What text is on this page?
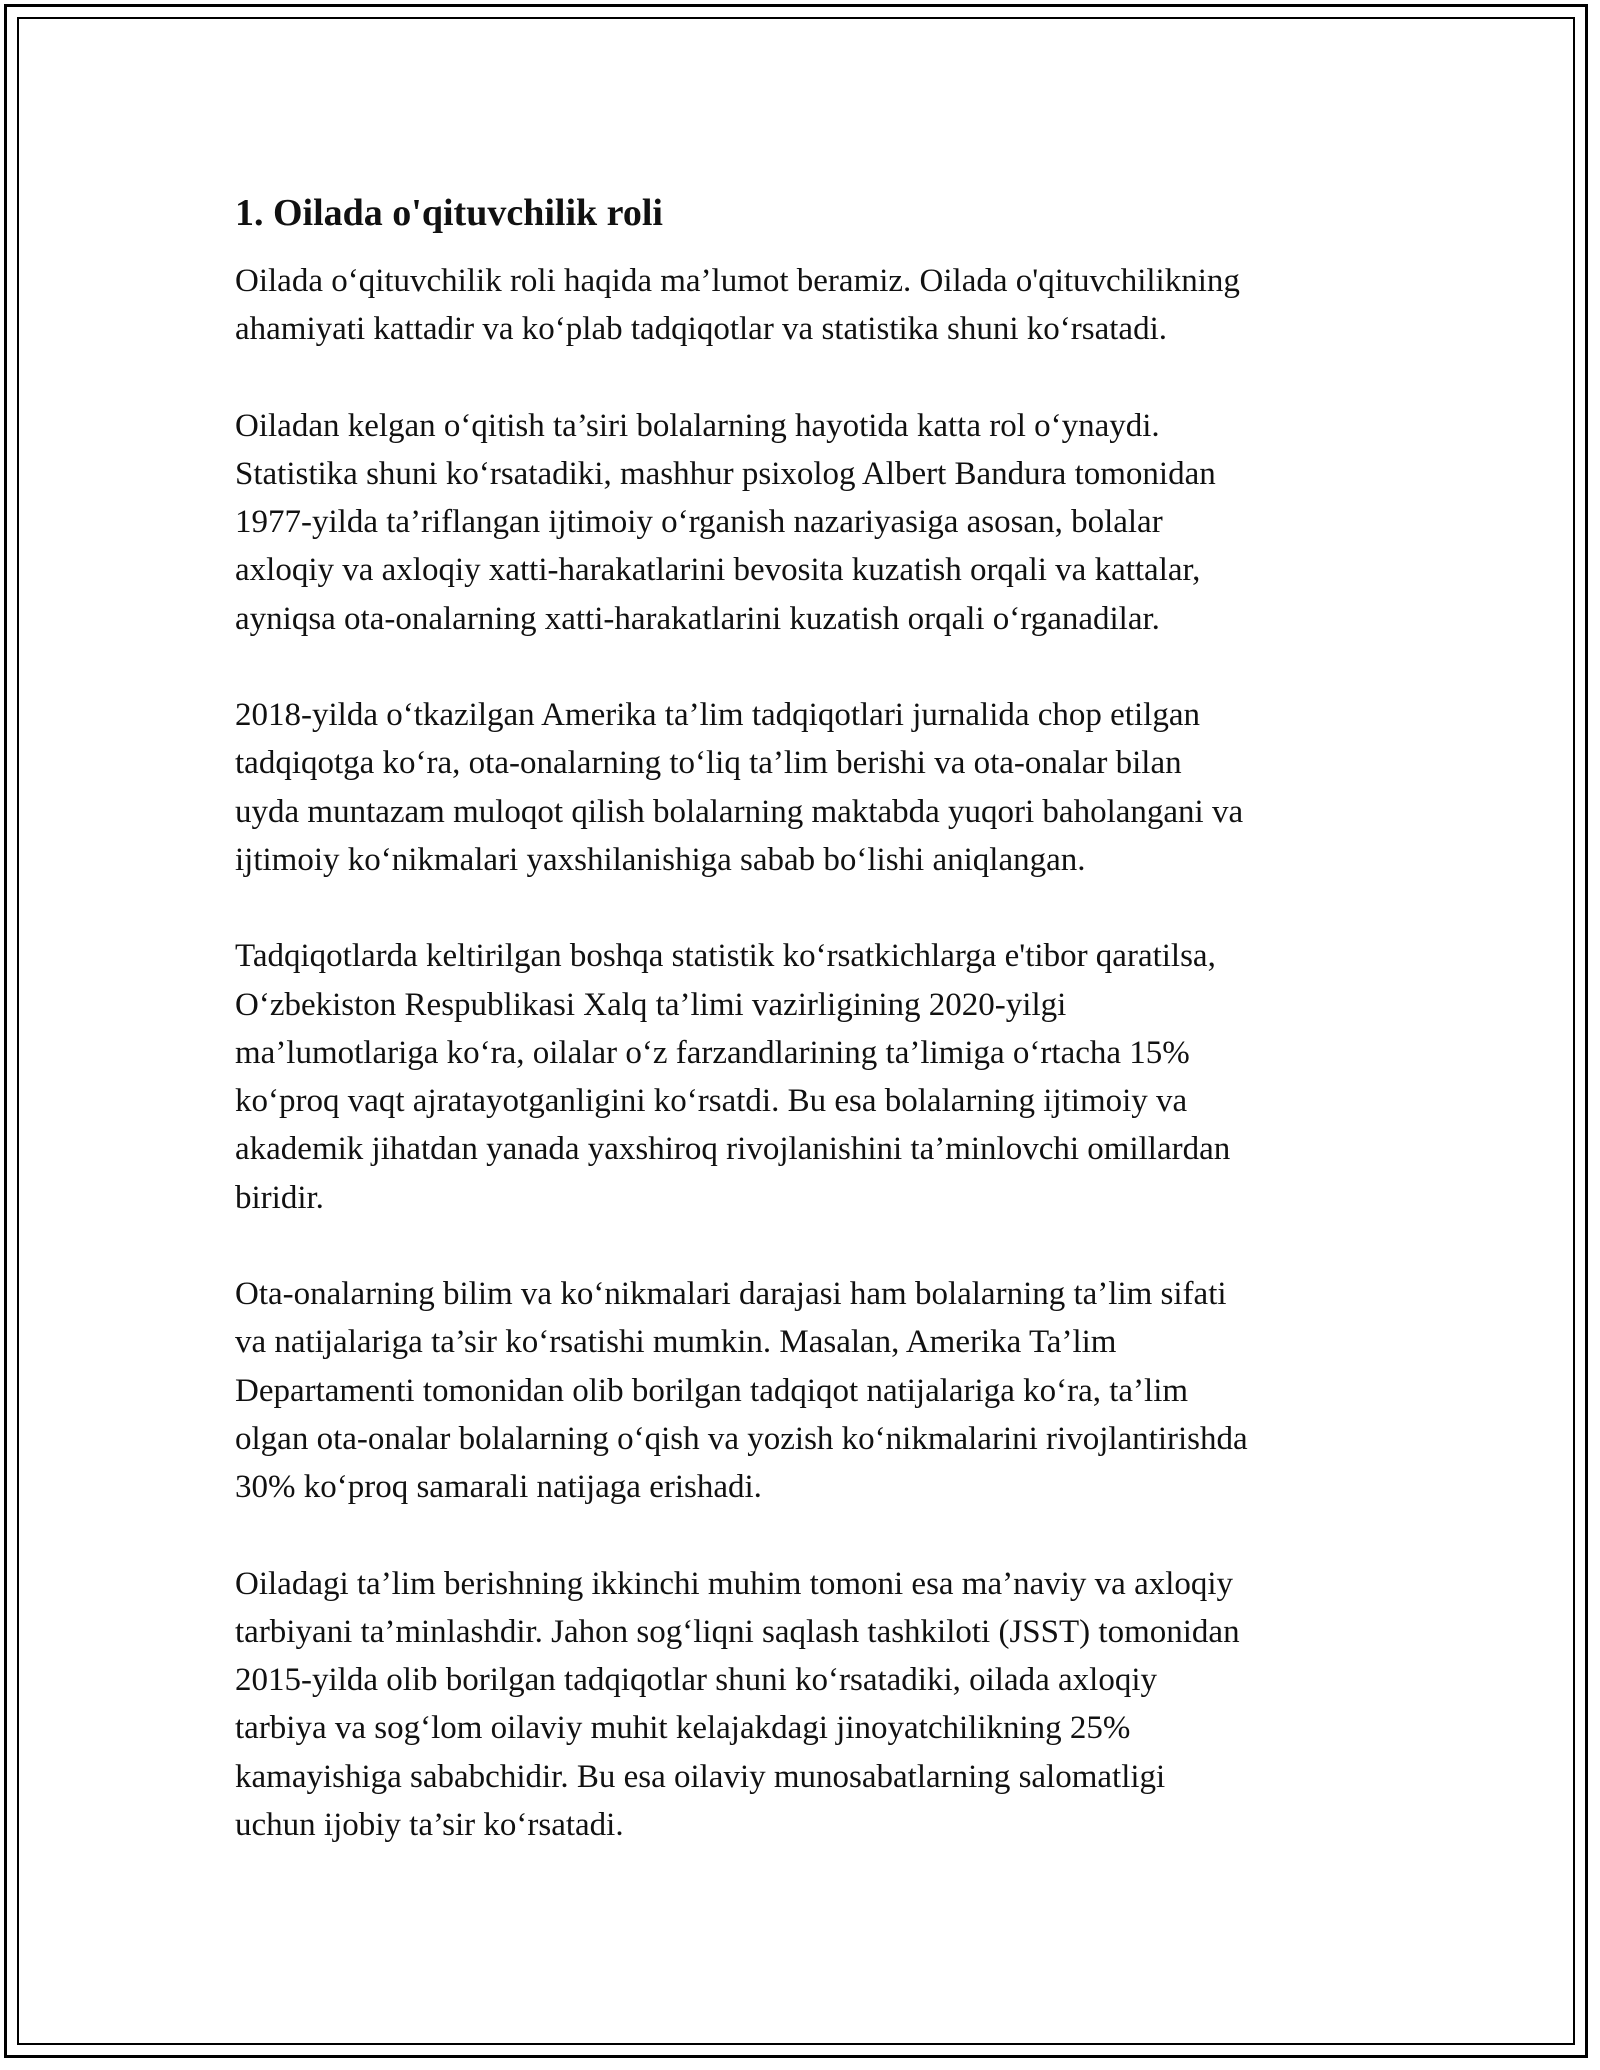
1. Oilada o'qituvchilik roli

Oilada o‘qituvchilik roli haqida ma’lumot beramiz. Oilada o'qituvchilikning
ahamiyati kattadir va ko‘plab tadqiqotlar va statistika shuni ko‘rsatadi.

Oiladan kelgan o‘qitish ta’siri bolalarning hayotida katta rol o‘ynaydi.
Statistika shuni ko‘rsatadiki, mashhur psixolog Albert Bandura tomonidan
1977-yilda ta’riflangan ijtimoiy o‘rganish nazariyasiga asosan, bolalar
axloqiy va axloqiy xatti-harakatlarini bevosita kuzatish orqali va kattalar,
ayniqsa ota-onalarning xatti-harakatlarini kuzatish orqali o‘rganadilar.

2018-yilda o‘tkazilgan Amerika ta’lim tadqiqotlari jurnalida chop etilgan
tadqiqotga ko‘ra, ota-onalarning to‘liq ta’lim berishi va ota-onalar bilan
uyda muntazam muloqot qilish bolalarning maktabda yuqori baholangani va
ijtimoiy ko‘nikmalari yaxshilanishiga sabab bo‘lishi aniqlangan.

Tadqiqotlarda keltirilgan boshqa statistik ko‘rsatkichlarga e'tibor qaratilsa,
O‘zbekiston Respublikasi Xalq ta’limi vazirligining 2020-yilgi
ma’lumotlariga ko‘ra, oilalar o‘z farzandlarining ta’limiga o‘rtacha 15%
ko‘proq vaqt ajratayotganligini ko‘rsatdi. Bu esa bolalarning ijtimoiy va
akademik jihatdan yanada yaxshiroq rivojlanishini ta’minlovchi omillardan
biridir.

Ota-onalarning bilim va ko‘nikmalari darajasi ham bolalarning ta’lim sifati
va natijalariga ta’sir ko‘rsatishi mumkin. Masalan, Amerika Ta’lim
Departamenti tomonidan olib borilgan tadqiqot natijalariga ko‘ra, ta’lim
olgan ota-onalar bolalarning o‘qish va yozish ko‘nikmalarini rivojlantirishda
30% ko‘proq samarali natijaga erishadi.

Oiladagi ta’lim berishning ikkinchi muhim tomoni esa ma’naviy va axloqiy
tarbiyani ta’minlashdir. Jahon sog‘liqni saqlash tashkiloti (JSST) tomonidan
2015-yilda olib borilgan tadqiqotlar shuni ko‘rsatadiki, oilada axloqiy
tarbiya va sog‘lom oilaviy muhit kelajakdagi jinoyatchilikning 25%
kamayishiga sababchidir. Bu esa oilaviy munosabatlarning salomatligi
uchun ijobiy ta’sir ko‘rsatadi.
